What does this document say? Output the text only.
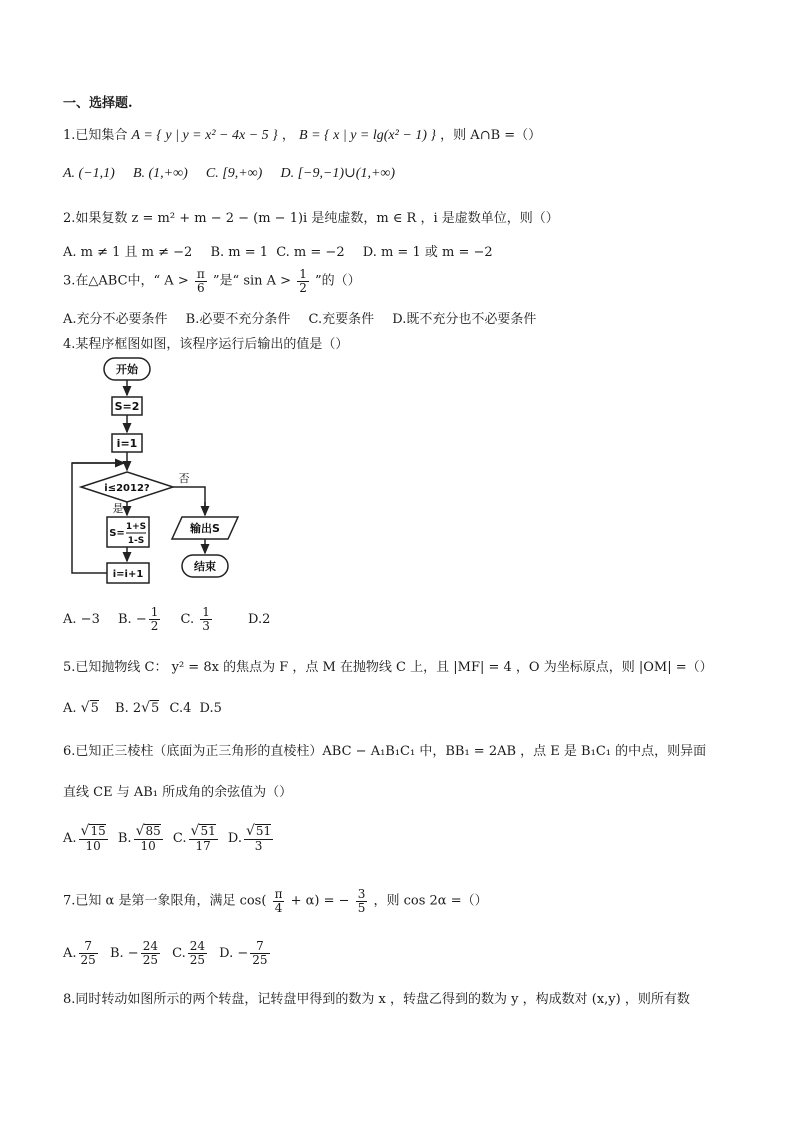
一、选择题.
1.已知集合 A = { y | y = x² − 4x − 5 } ， B = { x | y = lg(x² − 1) } ，则 A∩B =（）
A. (−1,1) B. (1,+∞) C. [9,+∞) D. [−9,−1)∪(1,+∞)
2.如果复数 z = m² + m − 2 − (m − 1)i 是纯虚数，m ∈ R ，i 是虚数单位，则（）
A. m ≠ 1 且 m ≠ −2 B. m = 1 C. m = −2 D. m = 1 或 m = −2
3.在△ABC中，“ $A > \frac{\pi}{6}$ ”是“ $\sin A > \frac{1}{2}$ ”的（）
A.充分不必要条件 B.必要不充分条件 C.充要条件 D.既不充分也不必要条件
4.某程序框图如图，该程序运行后输出的值是（）
开始
S=2
i=1
i≤2012?
否
是
S=
1+S
1-S
i=i+1
输出S
结束
A. −3 B. − $\frac{1}{2} C$. $\frac{1}{3}$	D.2
5.已知抛物线 C： y² = 8x 的焦点为 F ，点 M 在抛物线 C 上，且 |MF| = 4 ，O 为坐标原点，则 |OM| =（）
A. √5 B. 2√5 C.4 D.5
6.已知正三棱柱（底面为正三角形的直棱柱）ABC − A₁B₁C₁ 中，BB₁ = 2AB ，点 E 是 B₁C₁ 的中点，则异面
直线 CE 与 AB₁ 所成角的余弦值为（）
A. $\frac{√15}{10} B$. $\frac{√85}{10} C$. $\frac{√51}{17} D$. $\frac{√51}{3}$
7.已知 α 是第一象限角，满足 $\cos( \frac{\pi}{4} + \alpha)$ = − $\frac{3}{5}$ ，则 cos 2α =（）
A. $\frac{7}{25} B$. − $\frac{24}{25} C$. $\frac{24}{25} D$. − $\frac{7}{25}$
8.同时转动如图所示的两个转盘，记转盘甲得到的数为 x ，转盘乙得到的数为 y ，构成数对 (x,y) ，则所有数
